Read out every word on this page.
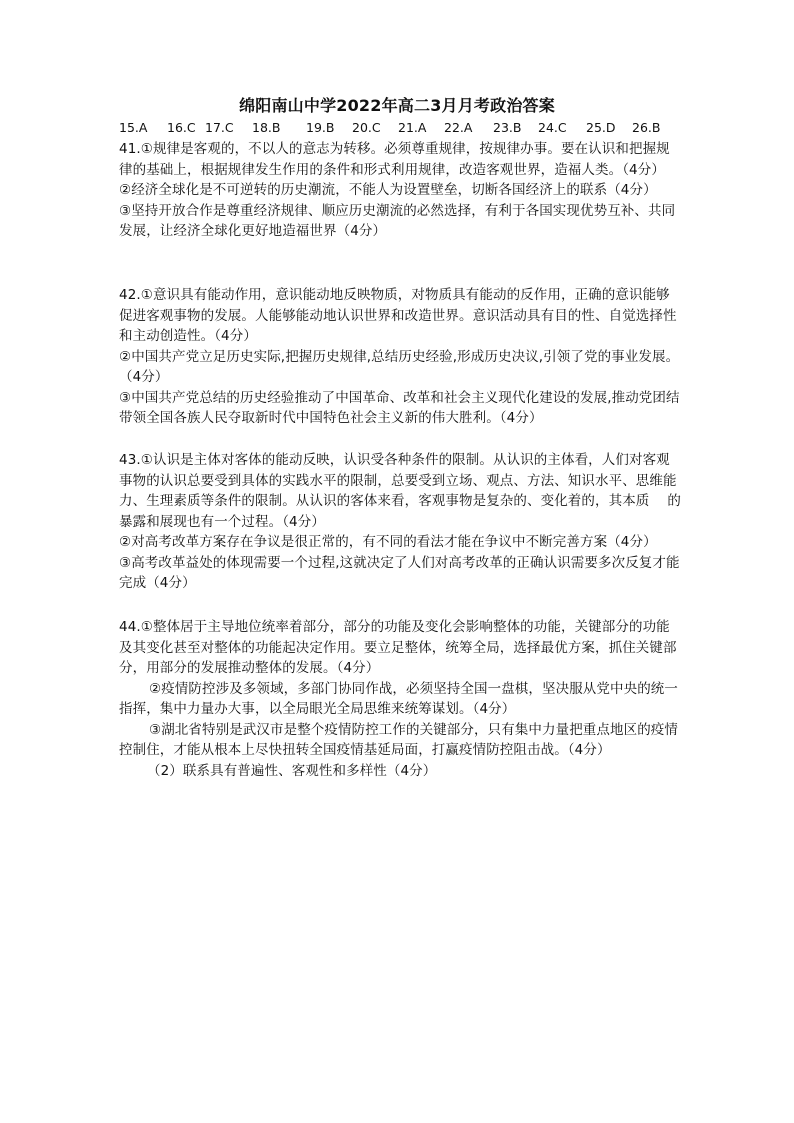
绵阳南山中学2022年高二3月月考政治答案
15.A 16.C 17.C 18.B 19.B 20.C 21.A 22.A 23.B 24.C 25.D 26.B

41.①规律是客观的，不以人的意志为转移。必须尊重规律，按规律办事。要在认识和把握规律的基础上，根据规律发生作用的条件和形式利用规律，改造客观世界，造福人类。（4分）

②经济全球化是不可逆转的历史潮流，不能人为设置壁垒，切断各国经济上的联系（4分）

③坚持开放合作是尊重经济规律、顺应历史潮流的必然选择，有利于各国实现优势互补、共同发展，让经济全球化更好地造福世界（4分）

42.①意识具有能动作用，意识能动地反映物质，对物质具有能动的反作用，正确的意识能够促进客观事物的发展。人能够能动地认识世界和改造世界。意识活动具有目的性、自觉选择性和主动创造性。（4分）

②中国共产党立足历史实际,把握历史规律,总结历史经验,形成历史决议,引领了党的事业发展。（4分）

③中国共产党总结的历史经验推动了中国革命、改革和社会主义现代化建设的发展,推动党团结带领全国各族人民夺取新时代中国特色社会主义新的伟大胜利。（4分）

43.①认识是主体对客体的能动反映，认识受各种条件的限制。从认识的主体看，人们对客观事物的认识总要受到具体的实践水平的限制，总要受到立场、观点、方法、知识水平、思维能力、生理素质等条件的限制。从认识的客体来看，客观事物是复杂的、变化着的，其本质　 的暴露和展现也有一个过程。（4分）

②对高考改革方案存在争议是很正常的，有不同的看法才能在争议中不断完善方案（4分）

③高考改革益处的体现需要一个过程,这就决定了人们对高考改革的正确认识需要多次反复才能完成（4分）

44.①整体居于主导地位统率着部分，部分的功能及变化会影响整体的功能，关键部分的功能及其变化甚至对整体的功能起决定作用。要立足整体，统筹全局，选择最优方案，抓住关键部分，用部分的发展推动整体的发展。（4分）

②疫情防控涉及多领域，多部门协同作战，必须坚持全国一盘棋，坚决服从党中央的统一指挥，集中力量办大事，以全局眼光全局思维来统筹谋划。（4分）

③湖北省特别是武汉市是整个疫情防控工作的关键部分，只有集中力量把重点地区的疫情控制住，才能从根本上尽快扭转全国疫情基延局面，打赢疫情防控阻击战。（4分）

（2）联系具有普遍性、客观性和多样性（4分）
